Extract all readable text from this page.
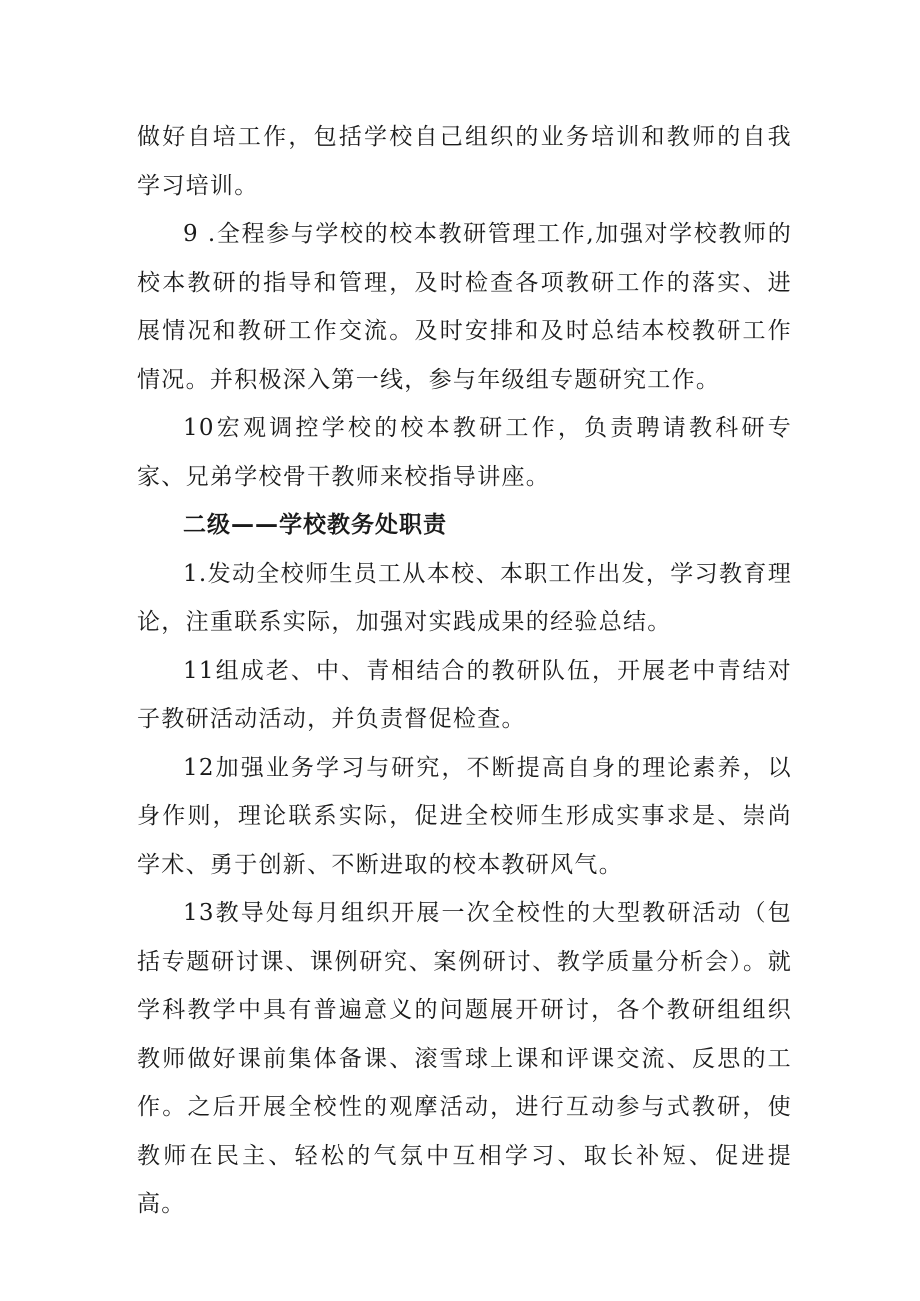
做好自培工作，包括学校自己组织的业务培训和教师的自我学习培训。

9 .全程参与学校的校本教研管理工作,加强对学校教师的校本教研的指导和管理，及时检查各项教研工作的落实、进展情况和教研工作交流。及时安排和及时总结本校教研工作情况。并积极深入第一线，参与年级组专题研究工作。

10宏观调控学校的校本教研工作，负责聘请教科研专家、兄弟学校骨干教师来校指导讲座。

二级——学校教务处职责

1.发动全校师生员工从本校、本职工作出发，学习教育理论，注重联系实际，加强对实践成果的经验总结。

11组成老、中、青相结合的教研队伍，开展老中青结对子教研活动活动，并负责督促检查。

12加强业务学习与研究，不断提高自身的理论素养，以身作则，理论联系实际，促进全校师生形成实事求是、崇尚学术、勇于创新、不断进取的校本教研风气。

13教导处每月组织开展一次全校性的大型教研活动（包括专题研讨课、课例研究、案例研讨、教学质量分析会）。就学科教学中具有普遍意义的问题展开研讨，各个教研组组织教师做好课前集体备课、滚雪球上课和评课交流、反思的工作。之后开展全校性的观摩活动，进行互动参与式教研，使教师在民主、轻松的气氛中互相学习、取长补短、促进提高。
